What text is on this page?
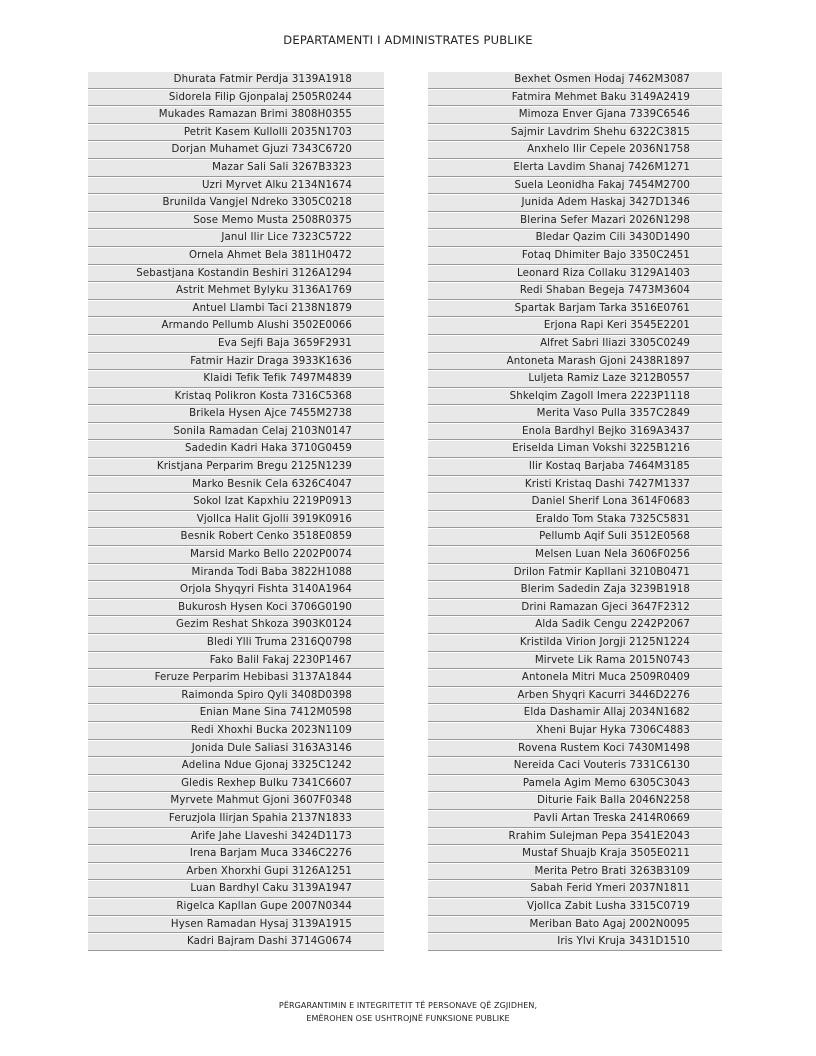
DEPARTAMENTI I ADMINISTRATES PUBLIKE
Dhurata Fatmir Perdja 3139A1918
Sidorela Filip Gjonpalaj 2505R0244
Mukades Ramazan Brimi 3808H0355
Petrit Kasem Kullolli 2035N1703
Dorjan Muhamet Gjuzi 7343C6720
Mazar Sali Sali 3267B3323
Uzri Myrvet Alku 2134N1674
Brunilda Vangjel Ndreko 3305C0218
Sose Memo Musta 2508R0375
Janul Ilir Lice 7323C5722
Ornela Ahmet Bela 3811H0472
Sebastjana Kostandin Beshiri 3126A1294
Astrit Mehmet Bylyku 3136A1769
Antuel Llambi Taci 2138N1879
Armando Pellumb Alushi 3502E0066
Eva Sejfi Baja 3659F2931
Fatmir Hazir Draga 3933K1636
Klaidi Tefik Tefik 7497M4839
Kristaq Polikron Kosta 7316C5368
Brikela Hysen Ajce 7455M2738
Sonila Ramadan Celaj 2103N0147
Sadedin Kadri Haka 3710G0459
Kristjana Perparim Bregu 2125N1239
Marko Besnik Cela 6326C4047
Sokol Izat Kapxhiu 2219P0913
Vjollca Halit Gjolli 3919K0916
Besnik Robert Cenko 3518E0859
Marsid Marko Bello 2202P0074
Miranda Todi Baba 3822H1088
Orjola Shyqyri Fishta 3140A1964
Bukurosh Hysen Koci 3706G0190
Gezim Reshat Shkoza 3903K0124
Bledi Ylli Truma 2316Q0798
Fako Balil Fakaj 2230P1467
Feruze Perparim Hebibasi 3137A1844
Raimonda Spiro Qyli 3408D0398
Enian Mane Sina 7412M0598
Redi Xhoxhi Bucka 2023N1109
Jonida Dule Saliasi 3163A3146
Adelina Ndue Gjonaj 3325C1242
Gledis Rexhep Bulku 7341C6607
Myrvete Mahmut Gjoni 3607F0348
Feruzjola Ilirjan Spahia 2137N1833
Arife Jahe Llaveshi 3424D1173
Irena Barjam Muca 3346C2276
Arben Xhorxhi Gupi 3126A1251
Luan Bardhyl Caku 3139A1947
Rigelca Kapllan Gupe 2007N0344
Hysen Ramadan Hysaj 3139A1915
Kadri Bajram Dashi 3714G0674
Bexhet Osmen Hodaj 7462M3087
Fatmira Mehmet Baku 3149A2419
Mimoza Enver Gjana 7339C6546
Sajmir Lavdrim Shehu 6322C3815
Anxhelo Ilir Cepele 2036N1758
Elerta Lavdim Shanaj 7426M1271
Suela Leonidha Fakaj 7454M2700
Junida Adem Haskaj 3427D1346
Blerina Sefer Mazari 2026N1298
Bledar Qazim Cili 3430D1490
Fotaq Dhimiter Bajo 3350C2451
Leonard Riza Collaku 3129A1403
Redi Shaban Begeja 7473M3604
Spartak Barjam Tarka 3516E0761
Erjona Rapi Keri 3545E2201
Alfret Sabri Iliazi 3305C0249
Antoneta Marash Gjoni 2438R1897
Luljeta Ramiz Laze 3212B0557
Shkelqim Zagoll Imera 2223P1118
Merita Vaso Pulla 3357C2849
Enola Bardhyl Bejko 3169A3437
Eriselda Liman Vokshi 3225B1216
Ilir Kostaq Barjaba 7464M3185
Kristi Kristaq Dashi 7427M1337
Daniel Sherif Lona 3614F0683
Eraldo Tom Staka 7325C5831
Pellumb Aqif Suli 3512E0568
Melsen Luan Nela 3606F0256
Drilon Fatmir Kapllani 3210B0471
Blerim Sadedin Zaja 3239B1918
Drini Ramazan Gjeci 3647F2312
Alda Sadik Cengu 2242P2067
Kristilda Virion Jorgji 2125N1224
Mirvete Lik Rama 2015N0743
Antonela Mitri Muca 2509R0409
Arben Shyqri Kacurri 3446D2276
Elda Dashamir Allaj 2034N1682
Xheni Bujar Hyka 7306C4883
Rovena Rustem Koci 7430M1498
Nereida Caci Vouteris 7331C6130
Pamela Agim Memo 6305C3043
Diturie Faik Balla 2046N2258
Pavli Artan Treska 2414R0669
Rrahim Sulejman Pepa 3541E2043
Mustaf Shuajb Kraja 3505E0211
Merita Petro Brati 3263B3109
Sabah Ferid Ymeri 2037N1811
Vjollca Zabit Lusha 3315C0719
Meriban Bato Agaj 2002N0095
Iris Ylvi Kruja 3431D1510
PËRGARANTIMIN E INTEGRITETIT TË PERSONAVE QË ZGJIDHEN,
EMËROHEN OSE USHTROJNË FUNKSIONE PUBLIKE
